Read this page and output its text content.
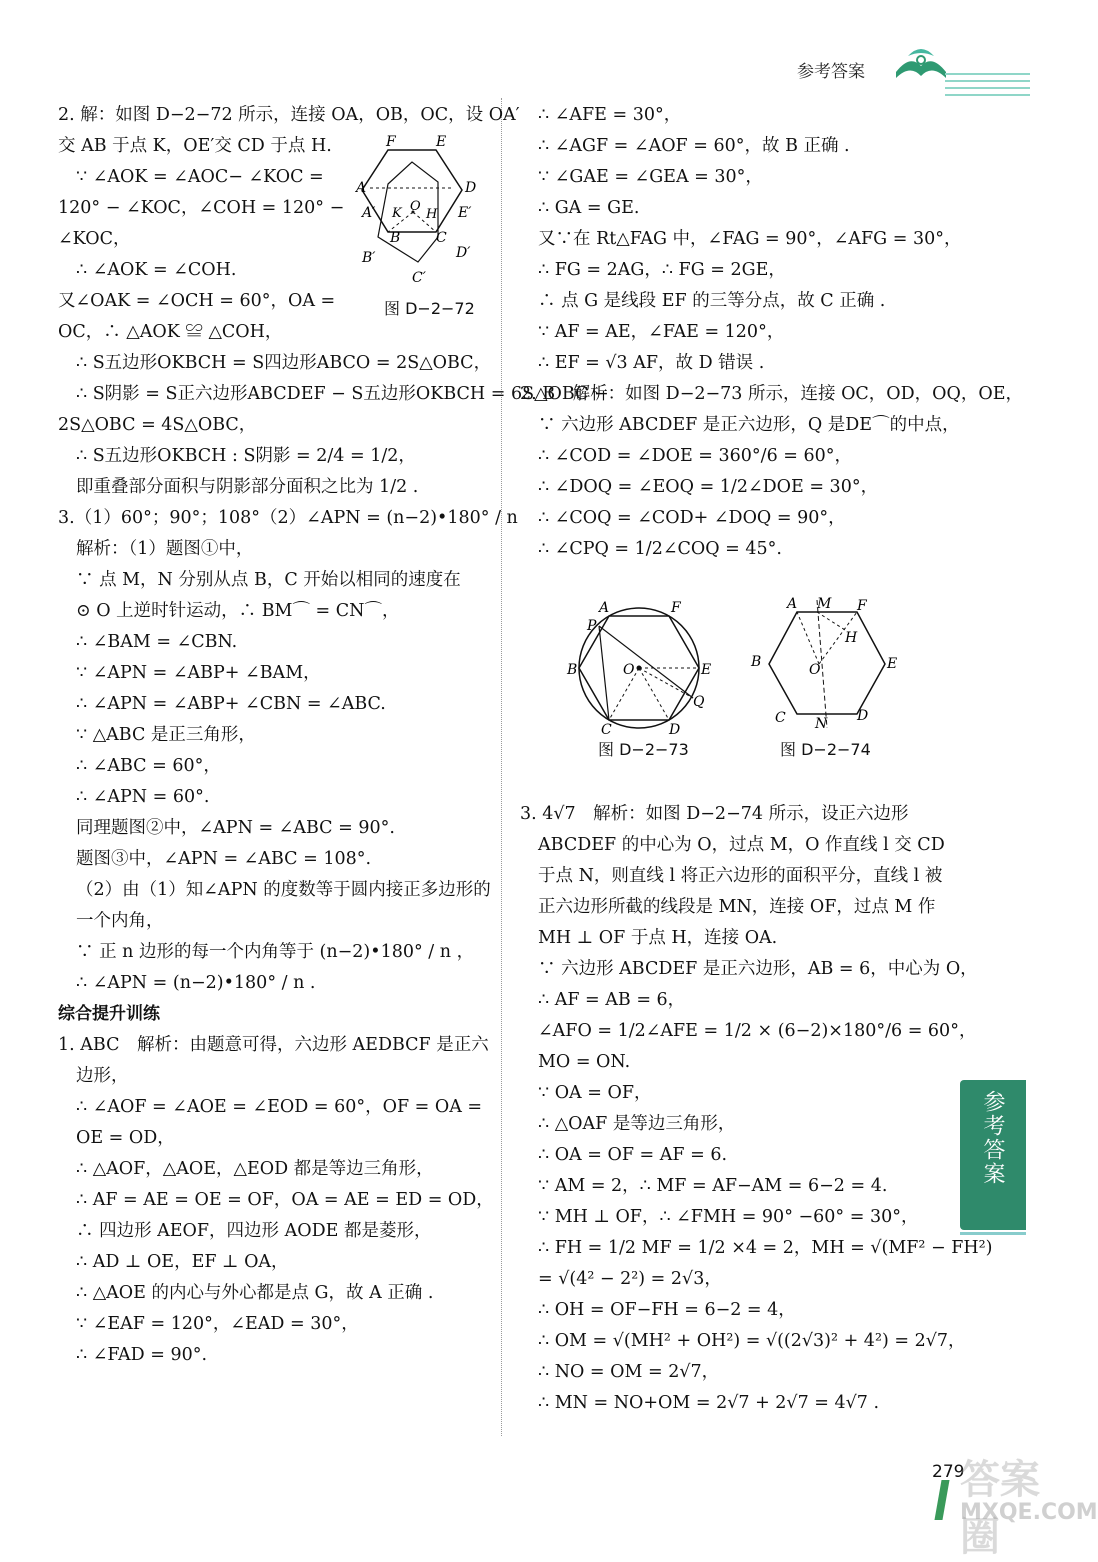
参考答案
2. 解：如图 D−2−72 所示，连接 OA，OB，OC，设 OA′
交 AB 于点 K，OE′交 CD 于点 H.
∵ ∠AOK = ∠AOC− ∠KOC =
120° − ∠KOC，∠COH = 120° −
∠KOC，
∴ ∠AOK = ∠COH.
又∠OAK = ∠OCH = 60°，OA =
OC，∴ △AOK ≌ △COH，
∴ S五边形OKBCH = S四边形ABCO = 2S△OBC，
∴ S阴影 = S正六边形ABCDEF − S五边形OKBCH = 6S△OBC −
2S△OBC = 4S△OBC，
∴ S五边形OKBCH : S阴影 = 2/4 = 1/2，
即重叠部分面积与阴影部分面积之比为 1/2 .
3.（1）60°；90°；108°（2）∠APN = (n−2)•180° / n
解析：（1）题图①中，
∵ 点 M，N 分别从点 B，C 开始以相同的速度在
⊙ O 上逆时针运动，∴ BM⌒ = CN⌒，
∴ ∠BAM = ∠CBN.
∵ ∠APN = ∠ABP+ ∠BAM，
∴ ∠APN = ∠ABP+ ∠CBN = ∠ABC.
∵ △ABC 是正三角形，
∴ ∠ABC = 60°，
∴ ∠APN = 60°.
同理题图②中，∠APN = ∠ABC = 90°.
题图③中，∠APN = ∠ABC = 108°.
（2）由（1）知∠APN 的度数等于圆内接正多边形的
一个内角，
∵ 正 n 边形的每一个内角等于 (n−2)•180° / n ，
∴ ∠APN = (n−2)•180° / n .
综合提升训练
1. ABC　解析：由题意可得，六边形 AEDBCF 是正六
边形，
∴ ∠AOF = ∠AOE = ∠EOD = 60°，OF = OA =
OE = OD，
∴ △AOF，△AOE，△EOD 都是等边三角形，
∴ AF = AE = OE = OF，OA = AE = ED = OD，
∴ 四边形 AEOF，四边形 AODE 都是菱形，
∴ AD ⊥ OE，EF ⊥ OA，
∴ △AOE 的内心与外心都是点 G，故 A 正确 .
∵ ∠EAF = 120°，∠EAD = 30°，
∴ ∠FAD = 90°.
∴ ∠AFE = 30°，
∴ ∠AGF = ∠AOF = 60°，故 B 正确 .
∵ ∠GAE = ∠GEA = 30°，
∴ GA = GE.
又∵在 Rt△FAG 中，∠FAG = 90°，∠AFG = 30°，
∴ FG = 2AG，∴ FG = 2GE，
∴ 点 G 是线段 EF 的三等分点，故 C 正确 .
∵ AF = AE，∠FAE = 120°，
∴ EF = √3 AF，故 D 错误 .
2. B　解析：如图 D−2−73 所示，连接 OC，OD，OQ，OE，
∵ 六边形 ABCDEF 是正六边形，Q 是DE⌒的中点，
∴ ∠COD = ∠DOE = 360°/6 = 60°，
∴ ∠DOQ = ∠EOQ = 1/2∠DOE = 30°，
∴ ∠COQ = ∠COD+ ∠DOQ = 90°，
∴ ∠CPQ = 1/2∠COQ = 45°.
3. 4√7　解析：如图 D−2−74 所示，设正六边形
ABCDEF 的中心为 O，过点 M，O 作直线 l 交 CD
于点 N，则直线 l 将正六边形的面积平分，直线 l 被
正六边形所截的线段是 MN，连接 OF，过点 M 作
MH ⊥ OF 于点 H，连接 OA.
∵ 六边形 ABCDEF 是正六边形，AB = 6，中心为 O，
∴ AF = AB = 6，
∠AFO = 1/2∠AFE = 1/2 × (6−2)×180°/6 = 60°，
MO = ON.
∵ OA = OF，
∴ △OAF 是等边三角形，
∴ OA = OF = AF = 6.
∵ AM = 2，∴ MF = AF−AM = 6−2 = 4.
∵ MH ⊥ OF，∴ ∠FMH = 90° −60° = 30°，
∴ FH = 1/2 MF = 1/2 ×4 = 2，MH = √(MF² − FH²)
= √(4² − 2²) = 2√3，
∴ OH = OF−FH = 6−2 = 4，
∴ OM = √(MH² + OH²) = √((2√3)² + 4²) = 2√7，
∴ NO = OM = 2√7，
∴ MN = NO+OM = 2√7 + 2√7 = 4√7 .
F	E
A	D
A′ K O
H E′
B	C
B′	D′
C′
图 D−2−72
A	F
P
B	O	E
Q
C	D
图 D−2−73
A M F
H
B	O	E
C N D
图 D−2−74
参考答案
279
答案圈
MXQE.COM
